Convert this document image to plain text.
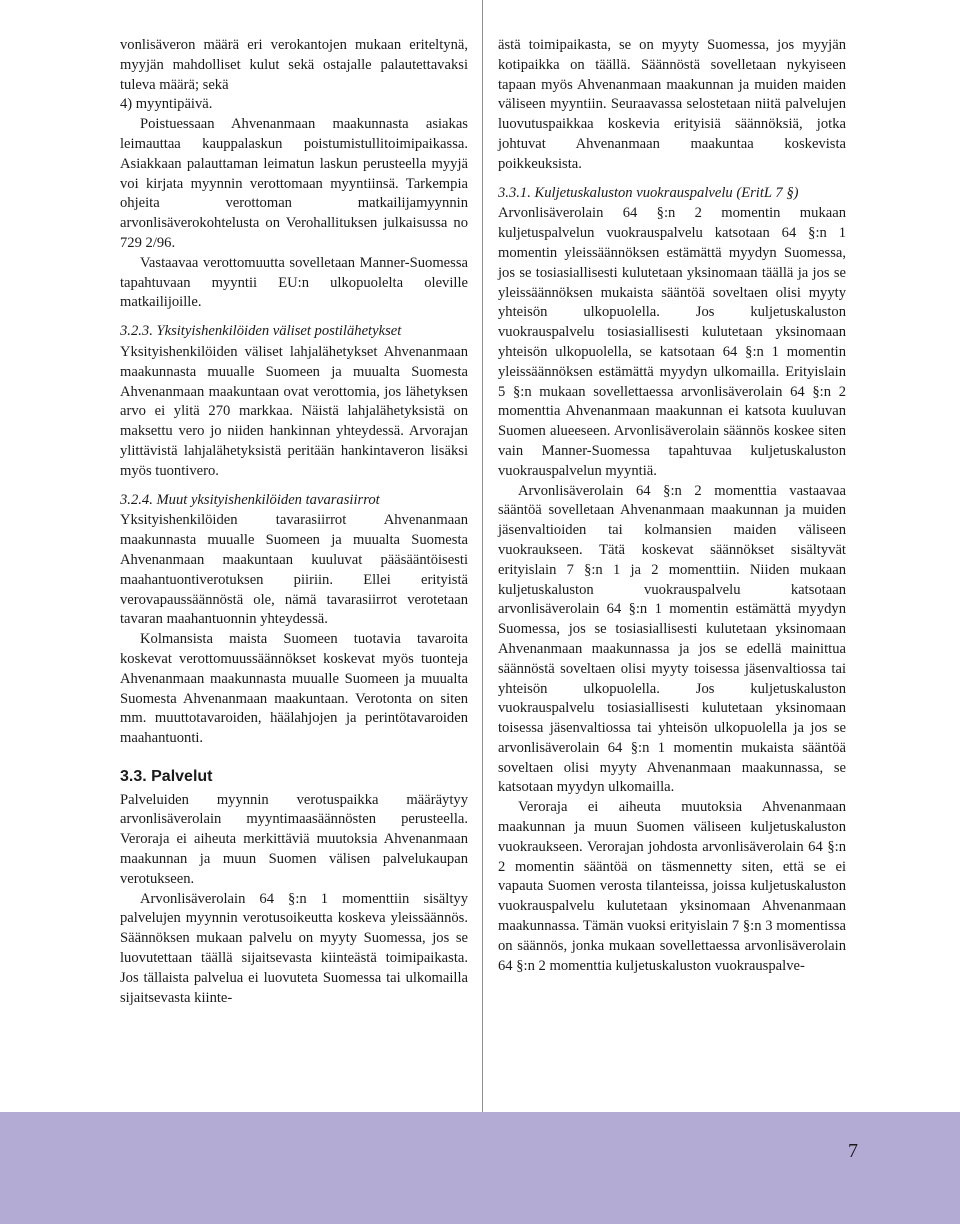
vonlisäveron määrä eri verokantojen mukaan eriteltynä, myyjän mahdolliset kulut sekä ostajalle palautettavaksi tuleva määrä; sekä

4) myyntipäivä.

Poistuessaan Ahvenanmaan maakunnasta asiakas leimauttaa kauppalaskun poistumistullitoimipaikassa. Asiakkaan palauttaman leimatun laskun perusteella myyjä voi kirjata myynnin verottomaan myyntiinsä. Tarkempia ohjeita verottoman matkailijamyynnin arvonlisäverokohtelusta on Verohallituksen julkaisussa no 729 2/96.

Vastaavaa verottomuutta sovelletaan Manner-Suomessa tapahtuvaan myyntii EU:n ulkopuolelta oleville matkailijoille.

3.2.3. Yksityishenkilöiden väliset postilähetykset

Yksityishenkilöiden väliset lahjalähetykset Ahvenanmaan maakunnasta muualle Suomeen ja muualta Suomesta Ahvenanmaan maakuntaan ovat verottomia, jos lähetyksen arvo ei ylitä 270 markkaa. Näistä lahjalähetyksistä on maksettu vero jo niiden hankinnan yhteydessä. Arvorajan ylittävistä lahjalähetyksistä peritään hankintaveron lisäksi myös tuontivero.

3.2.4. Muut yksityishenkilöiden tavarasiirrot

Yksityishenkilöiden tavarasiirrot Ahvenanmaan maakunnasta muualle Suomeen ja muualta Suomesta Ahvenanmaan maakuntaan kuuluvat pääsääntöisesti maahantuontiverotuksen piiriin. Ellei erityistä verovapaussäännöstä ole, nämä tavarasiirrot verotetaan tavaran maahantuonnin yhteydessä.

Kolmansista maista Suomeen tuotavia tavaroita koskevat verottomuussäännökset koskevat myös tuonteja Ahvenanmaan maakunnasta muualle Suomeen ja muualta Suomesta Ahvenanmaan maakuntaan. Verotonta on siten mm. muuttotavaroiden, häälahjojen ja perintötavaroiden maahantuonti.

3.3. Palvelut

Palveluiden myynnin verotuspaikka määräytyy arvonlisäverolain myyntimaasäännösten perusteella. Veroraja ei aiheuta merkittäviä muutoksia Ahvenanmaan maakunnan ja muun Suomen välisen palvelukaupan verotukseen.

Arvonlisäverolain 64 §:n 1 momenttiin sisältyy palvelujen myynnin verotusoikeutta koskeva yleissäännös. Säännöksen mukaan palvelu on myyty Suomessa, jos se luovutettaan täällä sijaitsevasta kiinteästä toimipaikasta. Jos tällaista palvelua ei luovuteta Suomessa tai ulkomailla sijaitsevasta kiinte-

ästä toimipaikasta, se on myyty Suomessa, jos myyjän kotipaikka on täällä. Säännöstä sovelletaan nykyiseen tapaan myös Ahvenanmaan maakunnan ja muiden maiden väliseen myyntiin. Seuraavassa selostetaan niitä palvelujen luovutuspaikkaa koskevia erityisiä säännöksiä, jotka johtuvat Ahvenanmaan maakuntaa koskevista poikkeuksista.

3.3.1. Kuljetuskaluston vuokrauspalvelu (EritL 7 §)

Arvonlisäverolain 64 §:n 2 momentin mukaan kuljetuspalvelun vuokrauspalvelu katsotaan 64 §:n 1 momentin yleissäännöksen estämättä myydyn Suomessa, jos se tosiasiallisesti kulutetaan yksinomaan täällä ja jos se yleissäännöksen mukaista sääntöä soveltaen olisi myyty yhteisön ulkopuolella. Jos kuljetuskaluston vuokrauspalvelu tosiasiallisesti kulutetaan yksinomaan yhteisön ulkopuolella, se katsotaan 64 §:n 1 momentin yleissäännöksen estämättä myydyn ulkomailla. Erityislain 5 §:n mukaan sovellettaessa arvonlisäverolain 64 §:n 2 momenttia Ahvenanmaan maakunnan ei katsota kuuluvan Suomen alueeseen. Arvonlisäverolain säännös koskee siten vain Manner-Suomessa tapahtuvaa kuljetuskaluston vuokrauspalvelun myyntiä.

Arvonlisäverolain 64 §:n 2 momenttia vastaavaa sääntöä sovelletaan Ahvenanmaan maakunnan ja muiden jäsenvaltioiden tai kolmansien maiden väliseen vuokraukseen. Tätä koskevat säännökset sisältyvät erityislain 7 §:n 1 ja 2 momenttiin. Niiden mukaan kuljetuskaluston vuokrauspalvelu katsotaan arvonlisäverolain 64 §:n 1 momentin estämättä myydyn Suomessa, jos se tosiasiallisesti kulutetaan yksinomaan Ahvenanmaan maakunnassa ja jos se edellä mainittua säännöstä soveltaen olisi myyty toisessa jäsenvaltiossa tai yhteisön ulkopuolella. Jos kuljetuskaluston vuokrauspalvelu tosiasiallisesti kulutetaan yksinomaan toisessa jäsenvaltiossa tai yhteisön ulkopuolella ja jos se arvonlisäverolain 64 §:n 1 momentin mukaista sääntöä soveltaen olisi myyty Ahvenanmaan maakunnassa, se katsotaan myydyn ulkomailla.

Veroraja ei aiheuta muutoksia Ahvenanmaan maakunnan ja muun Suomen väliseen kuljetuskaluston vuokraukseen. Verorajan johdosta arvonlisäverolain 64 §:n 2 momentin sääntöä on täsmennetty siten, että se ei vapauta Suomen verosta tilanteissa, joissa kuljetuskaluston vuokrauspalvelu kulutetaan yksinomaan Ahvenanmaan maakunnassa. Tämän vuoksi erityislain 7 §:n 3 momentissa on säännös, jonka mukaan sovellettaessa arvonlisäverolain 64 §:n 2 momenttia kuljetuskaluston vuokrauspalve-

7
